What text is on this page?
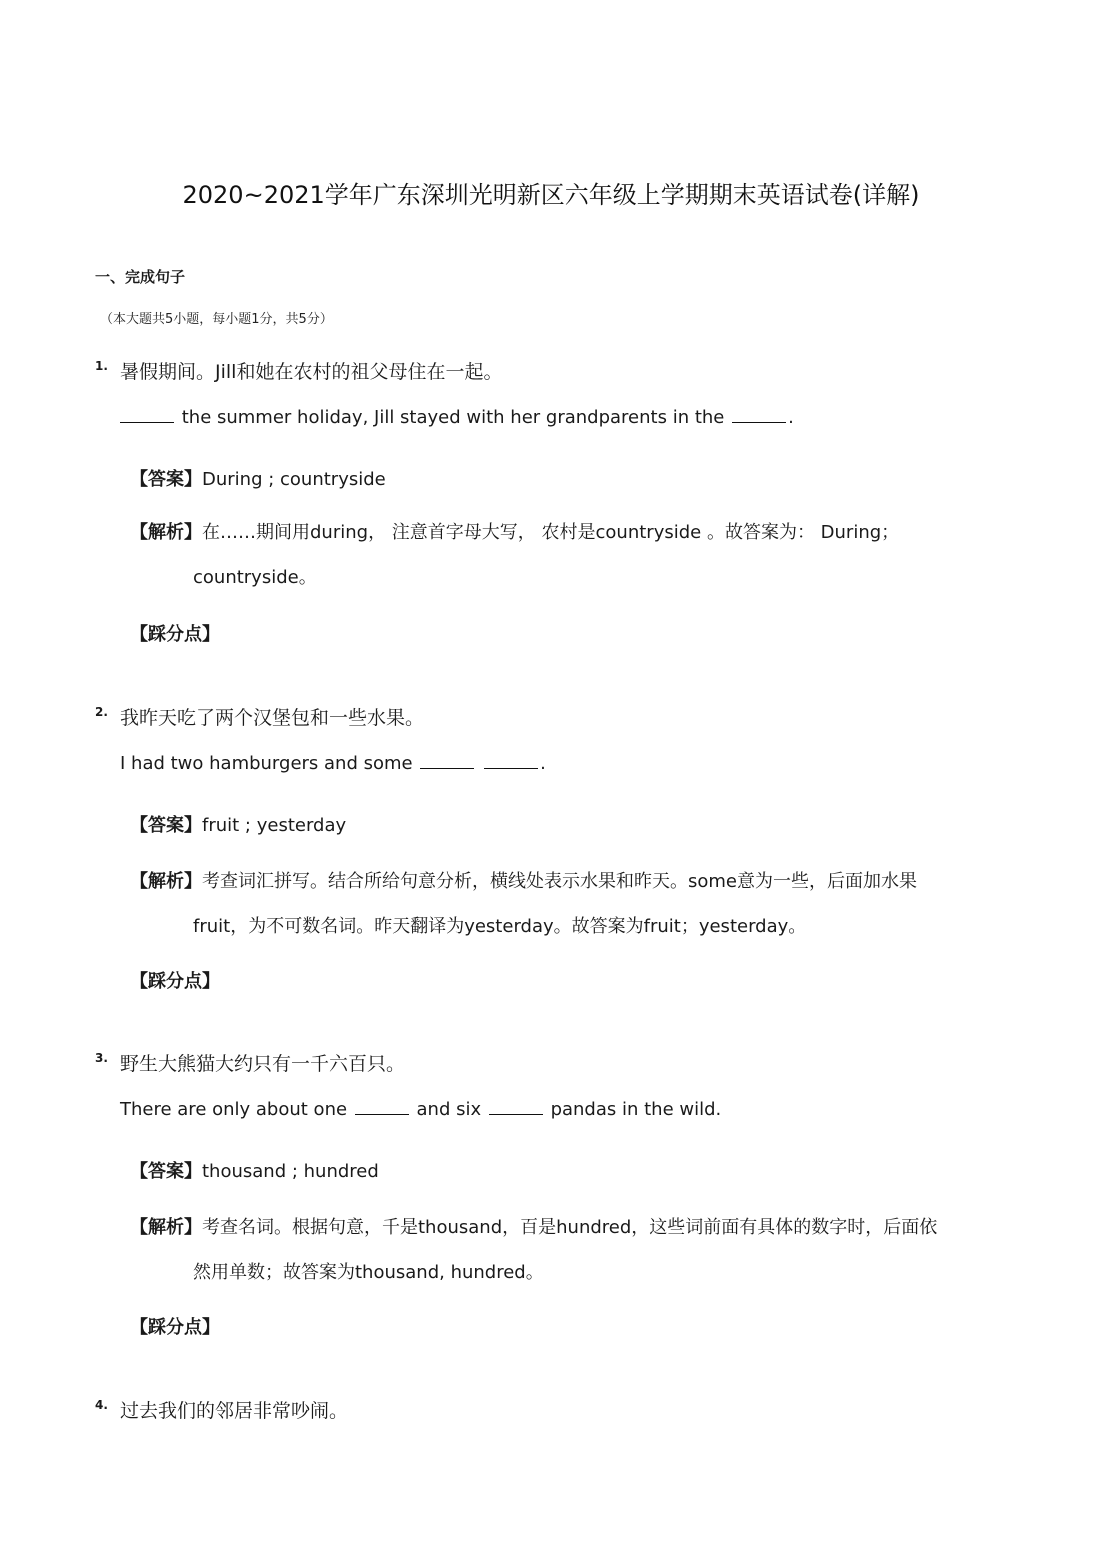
2020~2021学年广东深圳光明新区六年级上学期期末英语试卷(详解)
一、完成句子
（本大题共5小题，每小题1分，共5分）
1. 暑假期间。Jill和她在农村的祖父母住在一起。
the summer holiday, Jill stayed with her grandparents in the	.
【答案】During ; countryside
【解析】在……期间用during， 注意首字母大写， 农村是countryside 。故答案为： During；
countryside。
【踩分点】
2. 我昨天吃了两个汉堡包和一些水果。
I had two hamburgers and some	.
【答案】fruit ; yesterday
【解析】考查词汇拼写。结合所给句意分析，横线处表示水果和昨天。some意为一些，后面加水果
fruit，为不可数名词。昨天翻译为yesterday。故答案为fruit；yesterday。
【踩分点】
3. 野生大熊猫大约只有一千六百只。
There are only about one	and six	pandas in the wild.
【答案】thousand ; hundred
【解析】考查名词。根据句意，千是thousand，百是hundred，这些词前面有具体的数字时，后面依
然用单数；故答案为thousand, hundred。
【踩分点】
4. 过去我们的邻居非常吵闹。
